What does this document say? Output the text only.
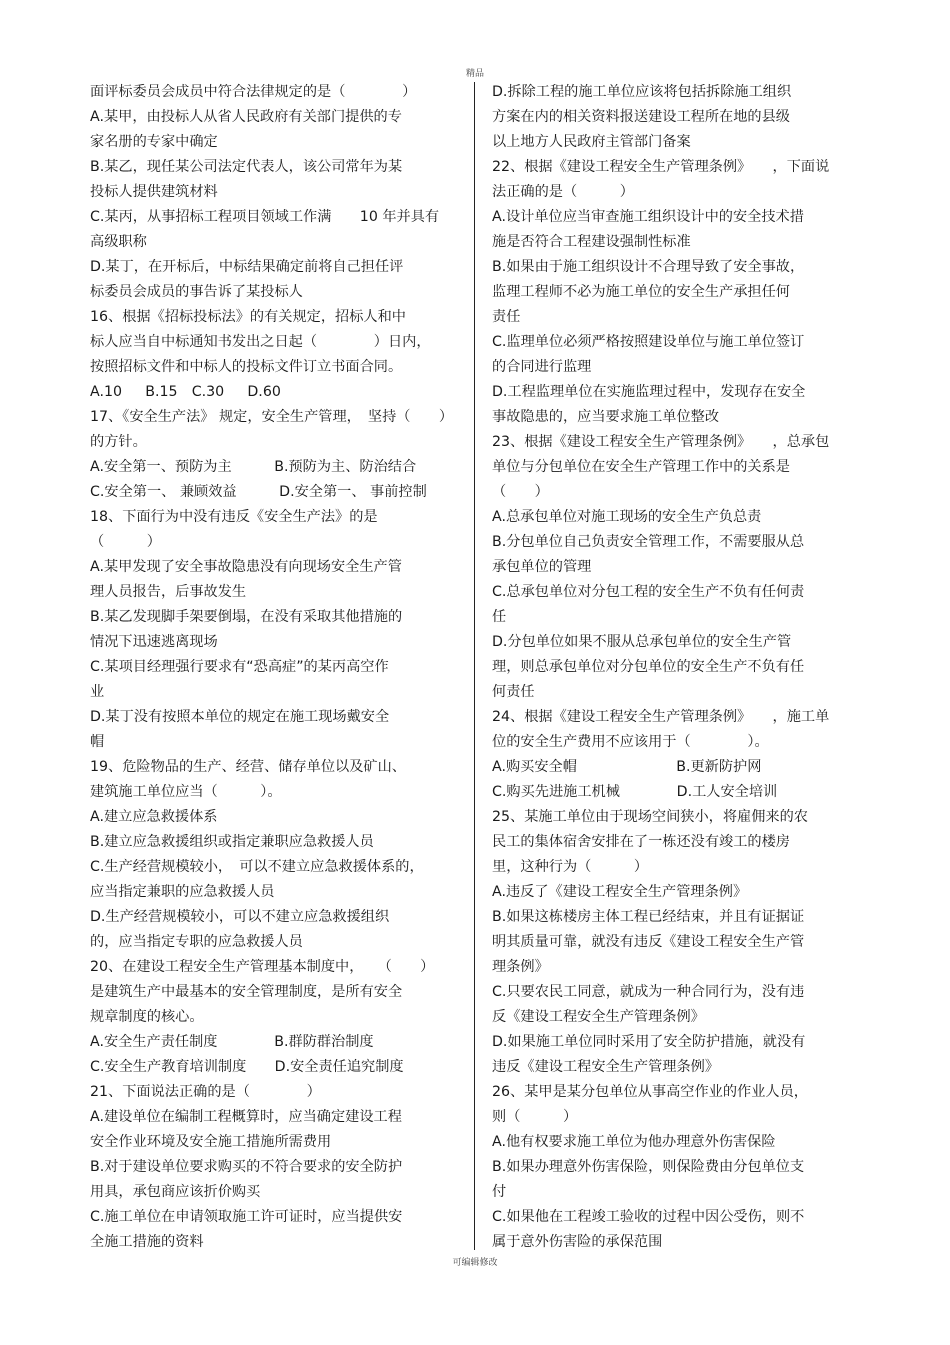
精品
面评标委员会成员中符合法律规定的是（　　　　）
A.某甲，由投标人从省人民政府有关部门提供的专
家名册的专家中确定
B.某乙，现任某公司法定代表人，该公司常年为某
投标人提供建筑材料
C.某丙，从事招标工程项目领域工作满　　10 年并具有
高级职称
D.某丁，在开标后，中标结果确定前将自己担任评
标委员会成员的事告诉了某投标人
16、根据《招标投标法》的有关规定，招标人和中
标人应当自中标通知书发出之日起（　　　　）日内，
按照招标文件和中标人的投标文件订立书面合同。
A.10　  B.15　C.30　  D.60
17、《安全生产法》 规定，安全生产管理，　坚持（　　）
的方针。
A.安全第一、预防为主　　　B.预防为主、防治结合
C.安全第一、 兼顾效益　　　D.安全第一、 事前控制
18、下面行为中没有违反《安全生产法》的是
（　　　）
A.某甲发现了安全事故隐患没有向现场安全生产管
理人员报告，后事故发生
B.某乙发现脚手架要倒塌，在没有采取其他措施的
情况下迅速逃离现场
C.某项目经理强行要求有“恐高症”的某丙高空作
业
D.某丁没有按照本单位的规定在施工现场戴安全
帽
19、危险物品的生产、经营、储存单位以及矿山、
建筑施工单位应当（　　　）。
A.建立应急救援体系
B.建立应急救援组织或指定兼职应急救援人员
C.生产经营规模较小，　可以不建立应急救援体系的，
应当指定兼职的应急救援人员
D.生产经营规模较小，可以不建立应急救援组织
的，应当指定专职的应急救援人员
20、在建设工程安全生产管理基本制度中，　　（　　）
是建筑生产中最基本的安全管理制度，是所有安全
规章制度的核心。
A.安全生产责任制度　　　　B.群防群治制度
C.安全生产教育培训制度　　D.安全责任追究制度
21、下面说法正确的是（　　　　）
A.建设单位在编制工程概算时，应当确定建设工程
安全作业环境及安全施工措施所需费用
B.对于建设单位要求购买的不符合要求的安全防护
用具，承包商应该折价购买
C.施工单位在申请领取施工许可证时，应当提供安
全施工措施的资料
D.拆除工程的施工单位应该将包括拆除施工组织
方案在内的相关资料报送建设工程所在地的县级
以上地方人民政府主管部门备案
22、根据《建设工程安全生产管理条例》　　，下面说
法正确的是（　　　）
A.设计单位应当审查施工组织设计中的安全技术措
施是否符合工程建设强制性标准
B.如果由于施工组织设计不合理导致了安全事故，
监理工程师不必为施工单位的安全生产承担任何
责任
C.监理单位必须严格按照建设单位与施工单位签订
的合同进行监理
D.工程监理单位在实施监理过程中，发现存在安全
事故隐患的，应当要求施工单位整改
23、根据《建设工程安全生产管理条例》　　，总承包
单位与分包单位在安全生产管理工作中的关系是
（　　）
A.总承包单位对施工现场的安全生产负总责
B.分包单位自己负责安全管理工作，不需要服从总
承包单位的管理
C.总承包单位对分包工程的安全生产不负有任何责
任
D.分包单位如果不服从总承包单位的安全生产管
理，则总承包单位对分包单位的安全生产不负有任
何责任
24、根据《建设工程安全生产管理条例》　　，施工单
位的安全生产费用不应该用于（　　　　）。
A.购买安全帽　　　　　　　B.更新防护网
C.购买先进施工机械　　　　D.工人安全培训
25、某施工单位由于现场空间狭小，将雇佣来的农
民工的集体宿舍安排在了一栋还没有竣工的楼房
里，这种行为（　　　）
A.违反了《建设工程安全生产管理条例》
B.如果这栋楼房主体工程已经结束，并且有证据证
明其质量可靠，就没有违反《建设工程安全生产管
理条例》
C.只要农民工同意，就成为一种合同行为，没有违
反《建设工程安全生产管理条例》
D.如果施工单位同时采用了安全防护措施，就没有
违反《建设工程安全生产管理条例》
26、某甲是某分包单位从事高空作业的作业人员，
则（　　　）
A.他有权要求施工单位为他办理意外伤害保险
B.如果办理意外伤害保险，则保险费由分包单位支
付
C.如果他在工程竣工验收的过程中因公受伤，则不
属于意外伤害险的承保范围
可编辑修改
